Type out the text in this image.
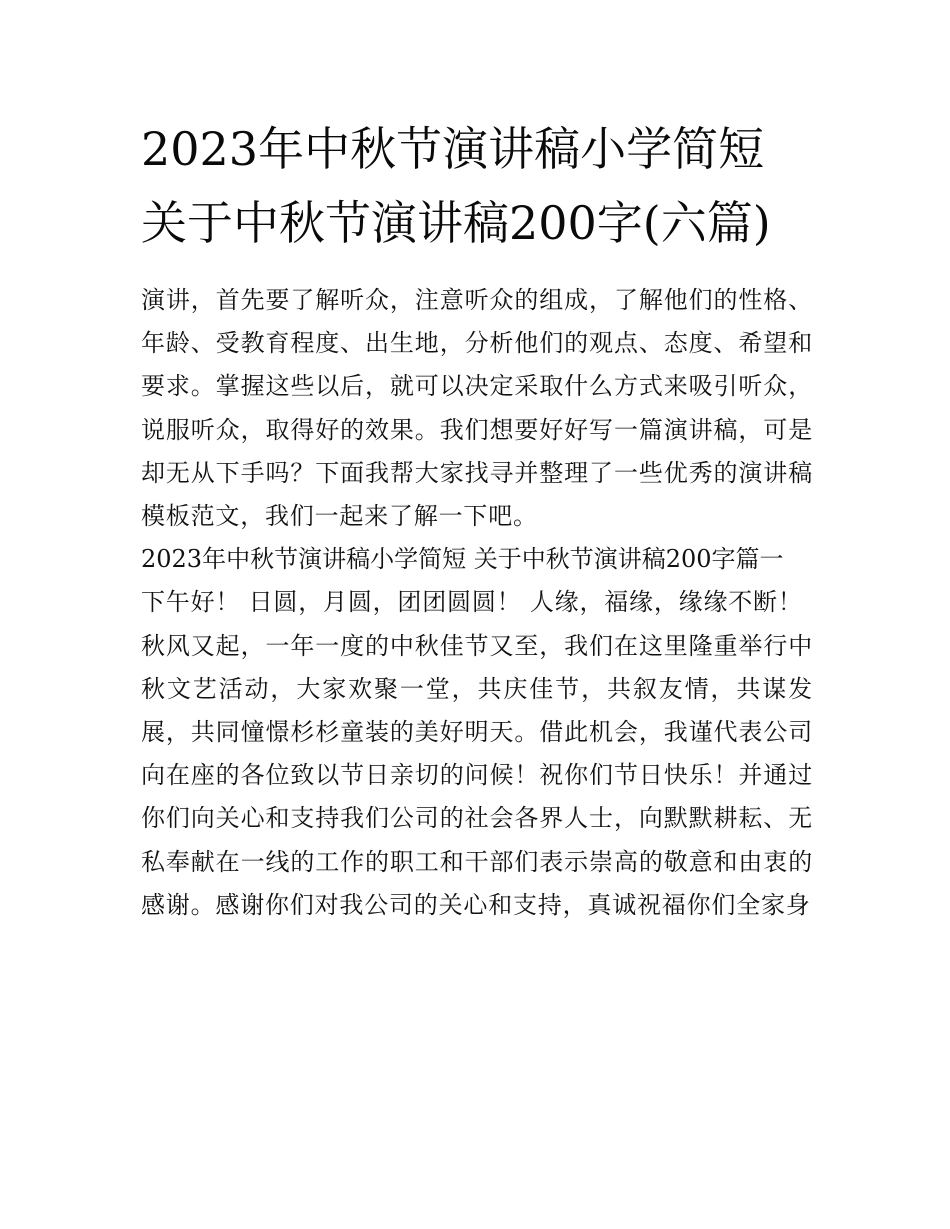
2023年中秋节演讲稿小学简短 关于中秋节演讲稿200字(六篇)

演讲，首先要了解听众，注意听众的组成，了解他们的性格、年龄、受教育程度、出生地，分析他们的观点、态度、希望和要求。掌握这些以后，就可以决定采取什么方式来吸引听众，说服听众，取得好的效果。我们想要好好写一篇演讲稿，可是却无从下手吗？下面我帮大家找寻并整理了一些优秀的演讲稿模板范文，我们一起来了解一下吧。

2023年中秋节演讲稿小学简短 关于中秋节演讲稿200字篇一

下午好！ 日圆，月圆，团团圆圆！ 人缘，福缘，缘缘不断！

秋风又起，一年一度的中秋佳节又至，我们在这里隆重举行中秋文艺活动，大家欢聚一堂，共庆佳节，共叙友情，共谋发展，共同憧憬杉杉童装的美好明天。借此机会，我谨代表公司向在座的各位致以节日亲切的问候！祝你们节日快乐！并通过你们向关心和支持我们公司的社会各界人士，向默默耕耘、无私奉献在一线的工作的职工和干部们表示崇高的敬意和由衷的感谢。感谢你们对我公司的关心和支持，真诚祝福你们全家身
